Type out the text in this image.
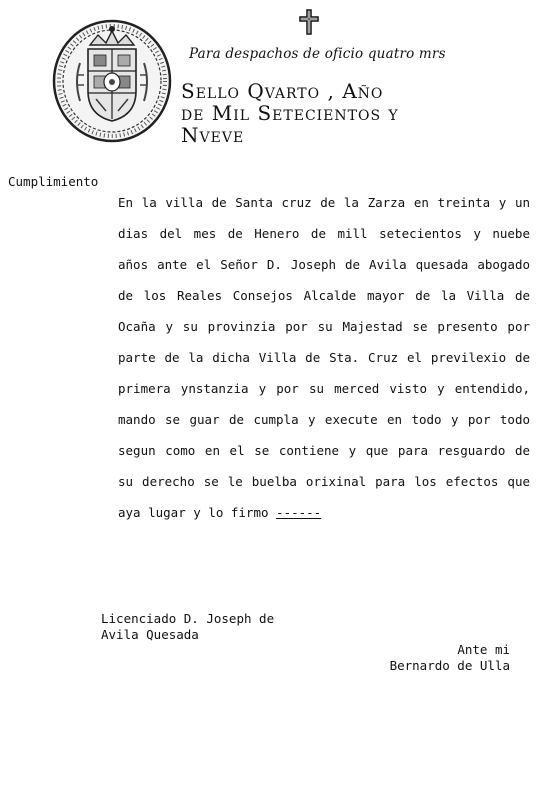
Para despachos de oficio quatro mrs
Sello Qvarto , Año
de Mil Setecientos y
Nveve
Cumplimiento
En la villa de Santa cruz de la Zarza en treinta y un dias del mes de Henero de mill setecientos y nuebe años ante el Señor D. Joseph de Avila quesada abogado de los Reales Consejos Alcalde mayor de la Villa de Ocaña y su provinzia por su Majestad se presento por parte de la dicha Villa de Sta. Cruz el previlexio de primera ynstanzia y por su merced visto y entendido, mando se guar de cumpla y execute en todo y por todo segun como en el se contiene y que para resguardo de su derecho se le buelba orixinal para los efectos que aya lugar y lo firmo ------
Licenciado D. Joseph de
Avila Quesada
Ante mi
Bernardo de Ulla
